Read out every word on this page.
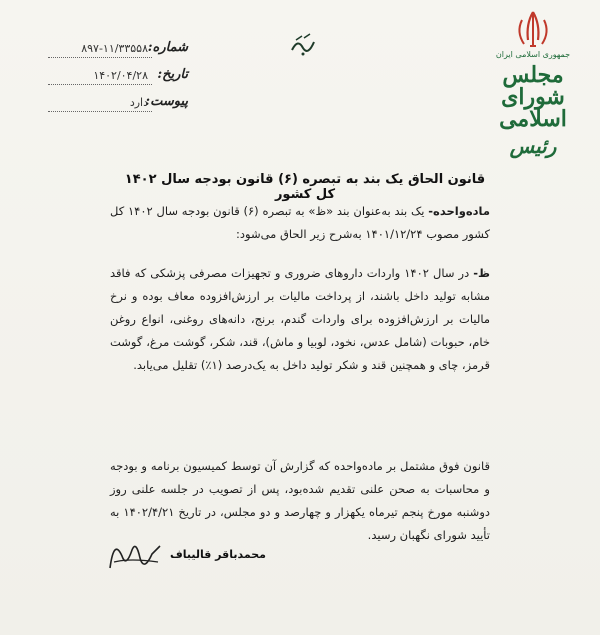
شماره:
۸۹۷-۱۱/۳۳۵۵۸
تاریخ:
۱۴۰۲/۰۴/۲۸
پیوست:
دارد
جمهوری اسلامی ایران
مجلس شورای اسلامی
رئیس
قانون الحاق یک بند به تبصره (۶) قانون بودجه سال ۱۴۰۲ کل کشور
ماده‌واحده- یک بند به‌عنوان بند «ظ» به تبصره (۶) قانون بودجه سال ۱۴۰۲ کل کشور مصوب ۱۴۰۱/۱۲/۲۴ به‌شرح زیر الحاق می‌شود:
ظ- در سال ۱۴۰۲ واردات داروهای ضروری و تجهیزات مصرفی پزشکی که فاقد مشابه تولید داخل باشند، از پرداخت مالیات بر ارزش‌افزوده معاف بوده و نرخ مالیات بر ارزش‌افزوده برای واردات گندم، برنج، دانه‌های روغنی، انواع روغن خام، حبوبات (شامل عدس، نخود، لوبیا و ماش)، قند، شکر، گوشت مرغ، گوشت قرمز، چای و همچنین قند و شکر تولید داخل به یک‌درصد (۱٪) تقلیل می‌یابد.
قانون فوق مشتمل بر ماده‌واحده که گزارش آن توسط کمیسیون برنامه و بودجه و محاسبات به صحن علنی تقدیم شده‌بود، پس از تصویب در جلسه علنی روز دوشنبه مورخ پنجم تیرماه یکهزار و چهارصد و دو مجلس، در تاریخ ۱۴۰۲/۴/۲۱ به تأیید شورای نگهبان رسید.
محمدباقر قالیباف
